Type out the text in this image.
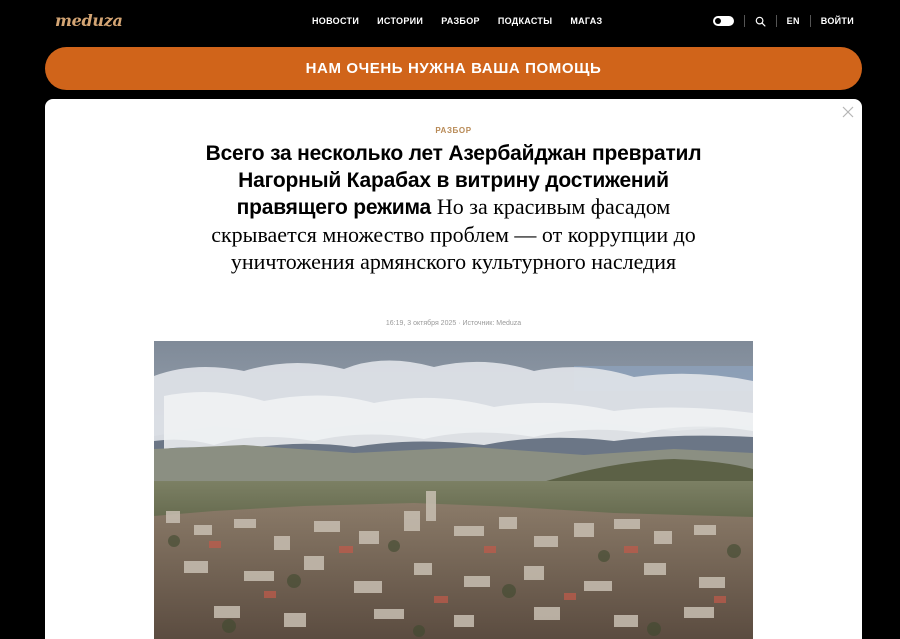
meduza	НОВОСТИ ИСТОРИИ РАЗБОР ПОДКАСТЫ МАГАЗ	EN ВОЙТИ
НАМ ОЧЕНЬ НУЖНА ВАША ПОМОЩЬ
РАЗБОР
Всего за несколько лет Азербайджан превратил Нагорный Карабах в витрину достижений правящего режима Но за красивым фасадом скрывается множество проблем — от коррупции до уничтожения армянского культурного наследия
16:19, 3 октября 2025 · Источник: Meduza
